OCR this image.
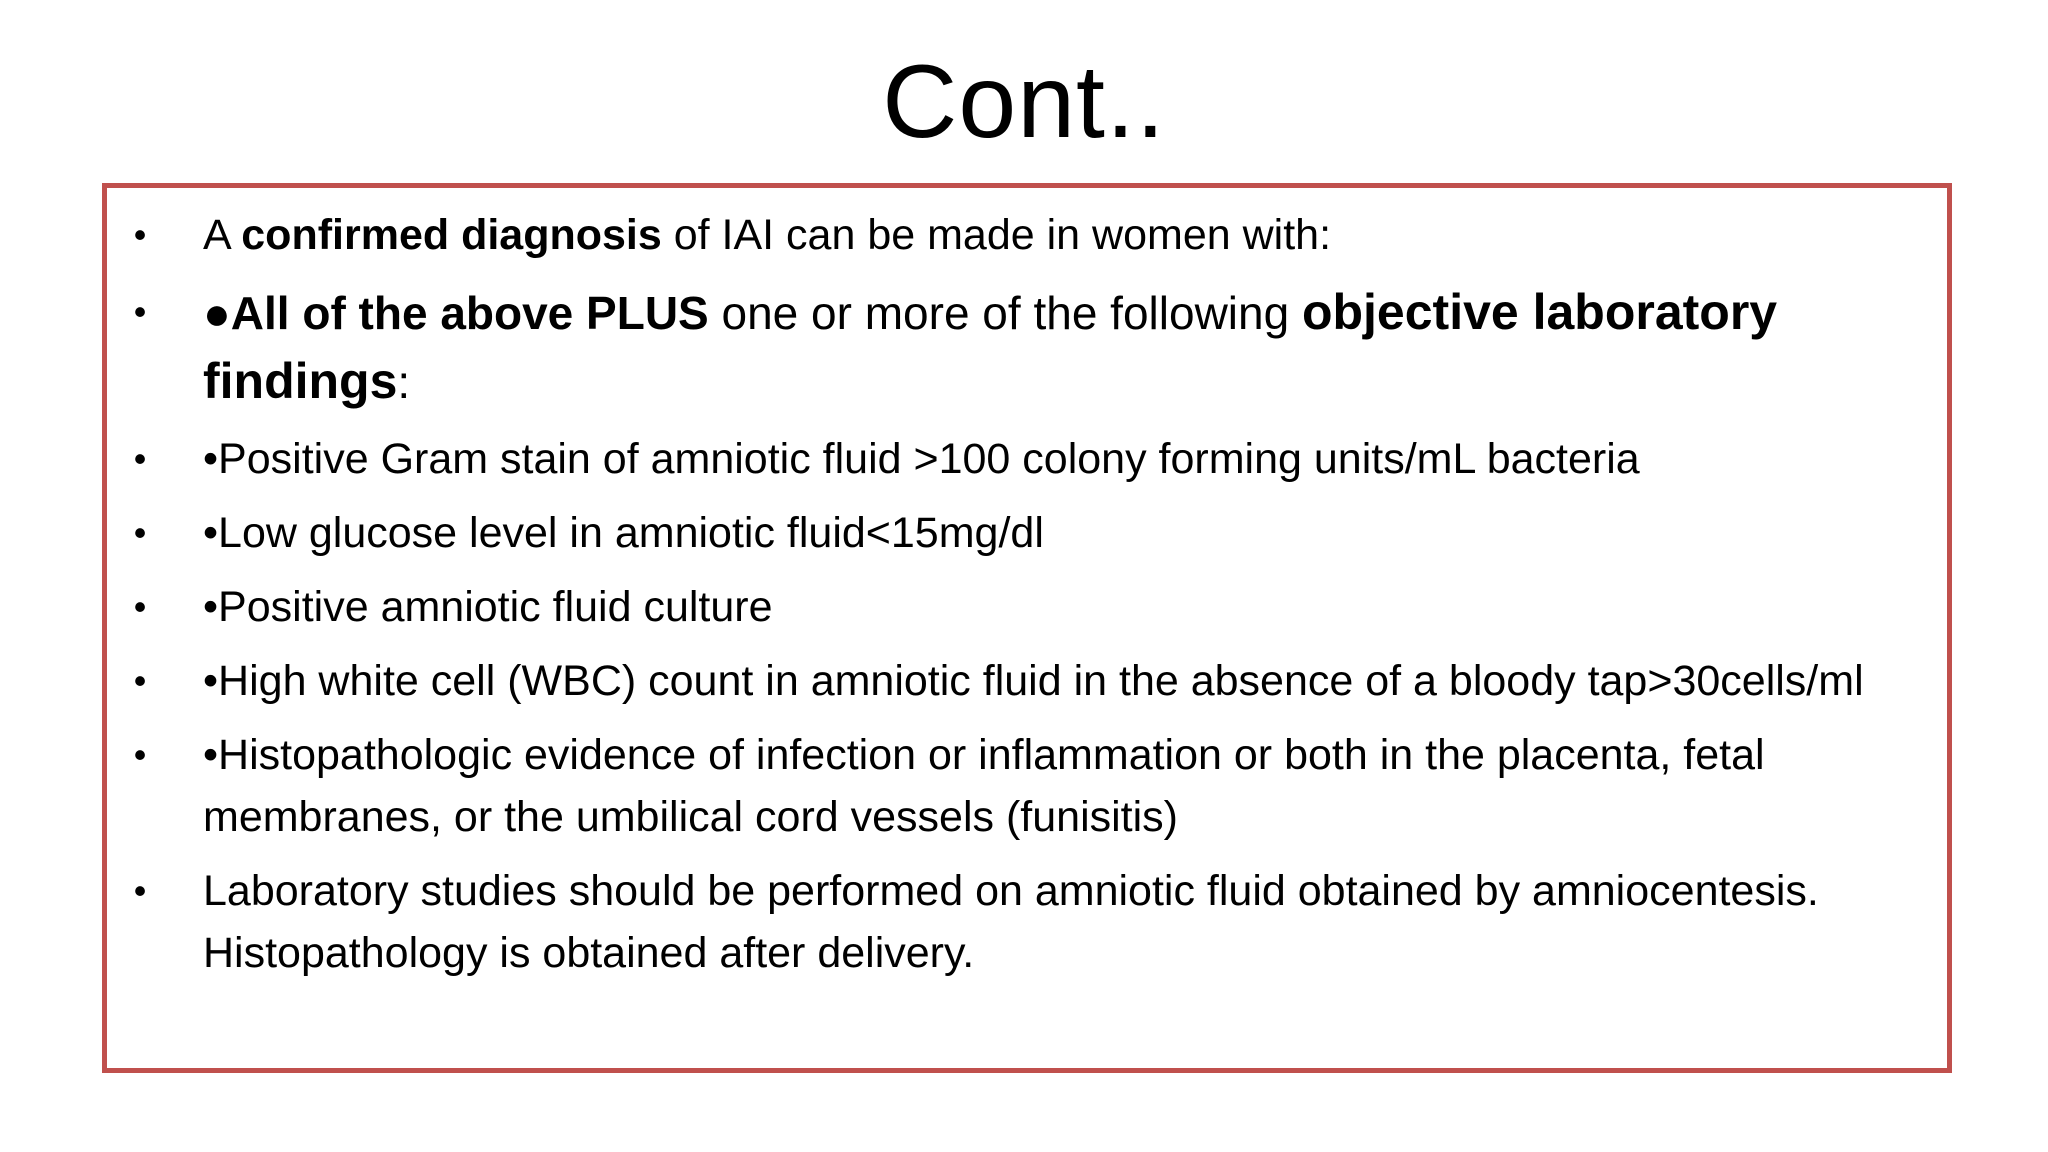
Cont..
• A confirmed diagnosis of IAI can be made in women with:
• ●All of the above PLUS one or more of the following objective laboratory findings:
• •Positive Gram stain of amniotic fluid >100 colony forming units/mL bacteria
• •Low glucose level in amniotic fluid<15mg/dl
• •Positive amniotic fluid culture
• •High white cell (WBC) count in amniotic fluid in the absence of a bloody tap>30cells/ml
• •Histopathologic evidence of infection or inflammation or both in the placenta, fetal membranes, or the umbilical cord vessels (funisitis)
• Laboratory studies should be performed on amniotic fluid obtained by amniocentesis. Histopathology is obtained after delivery.
